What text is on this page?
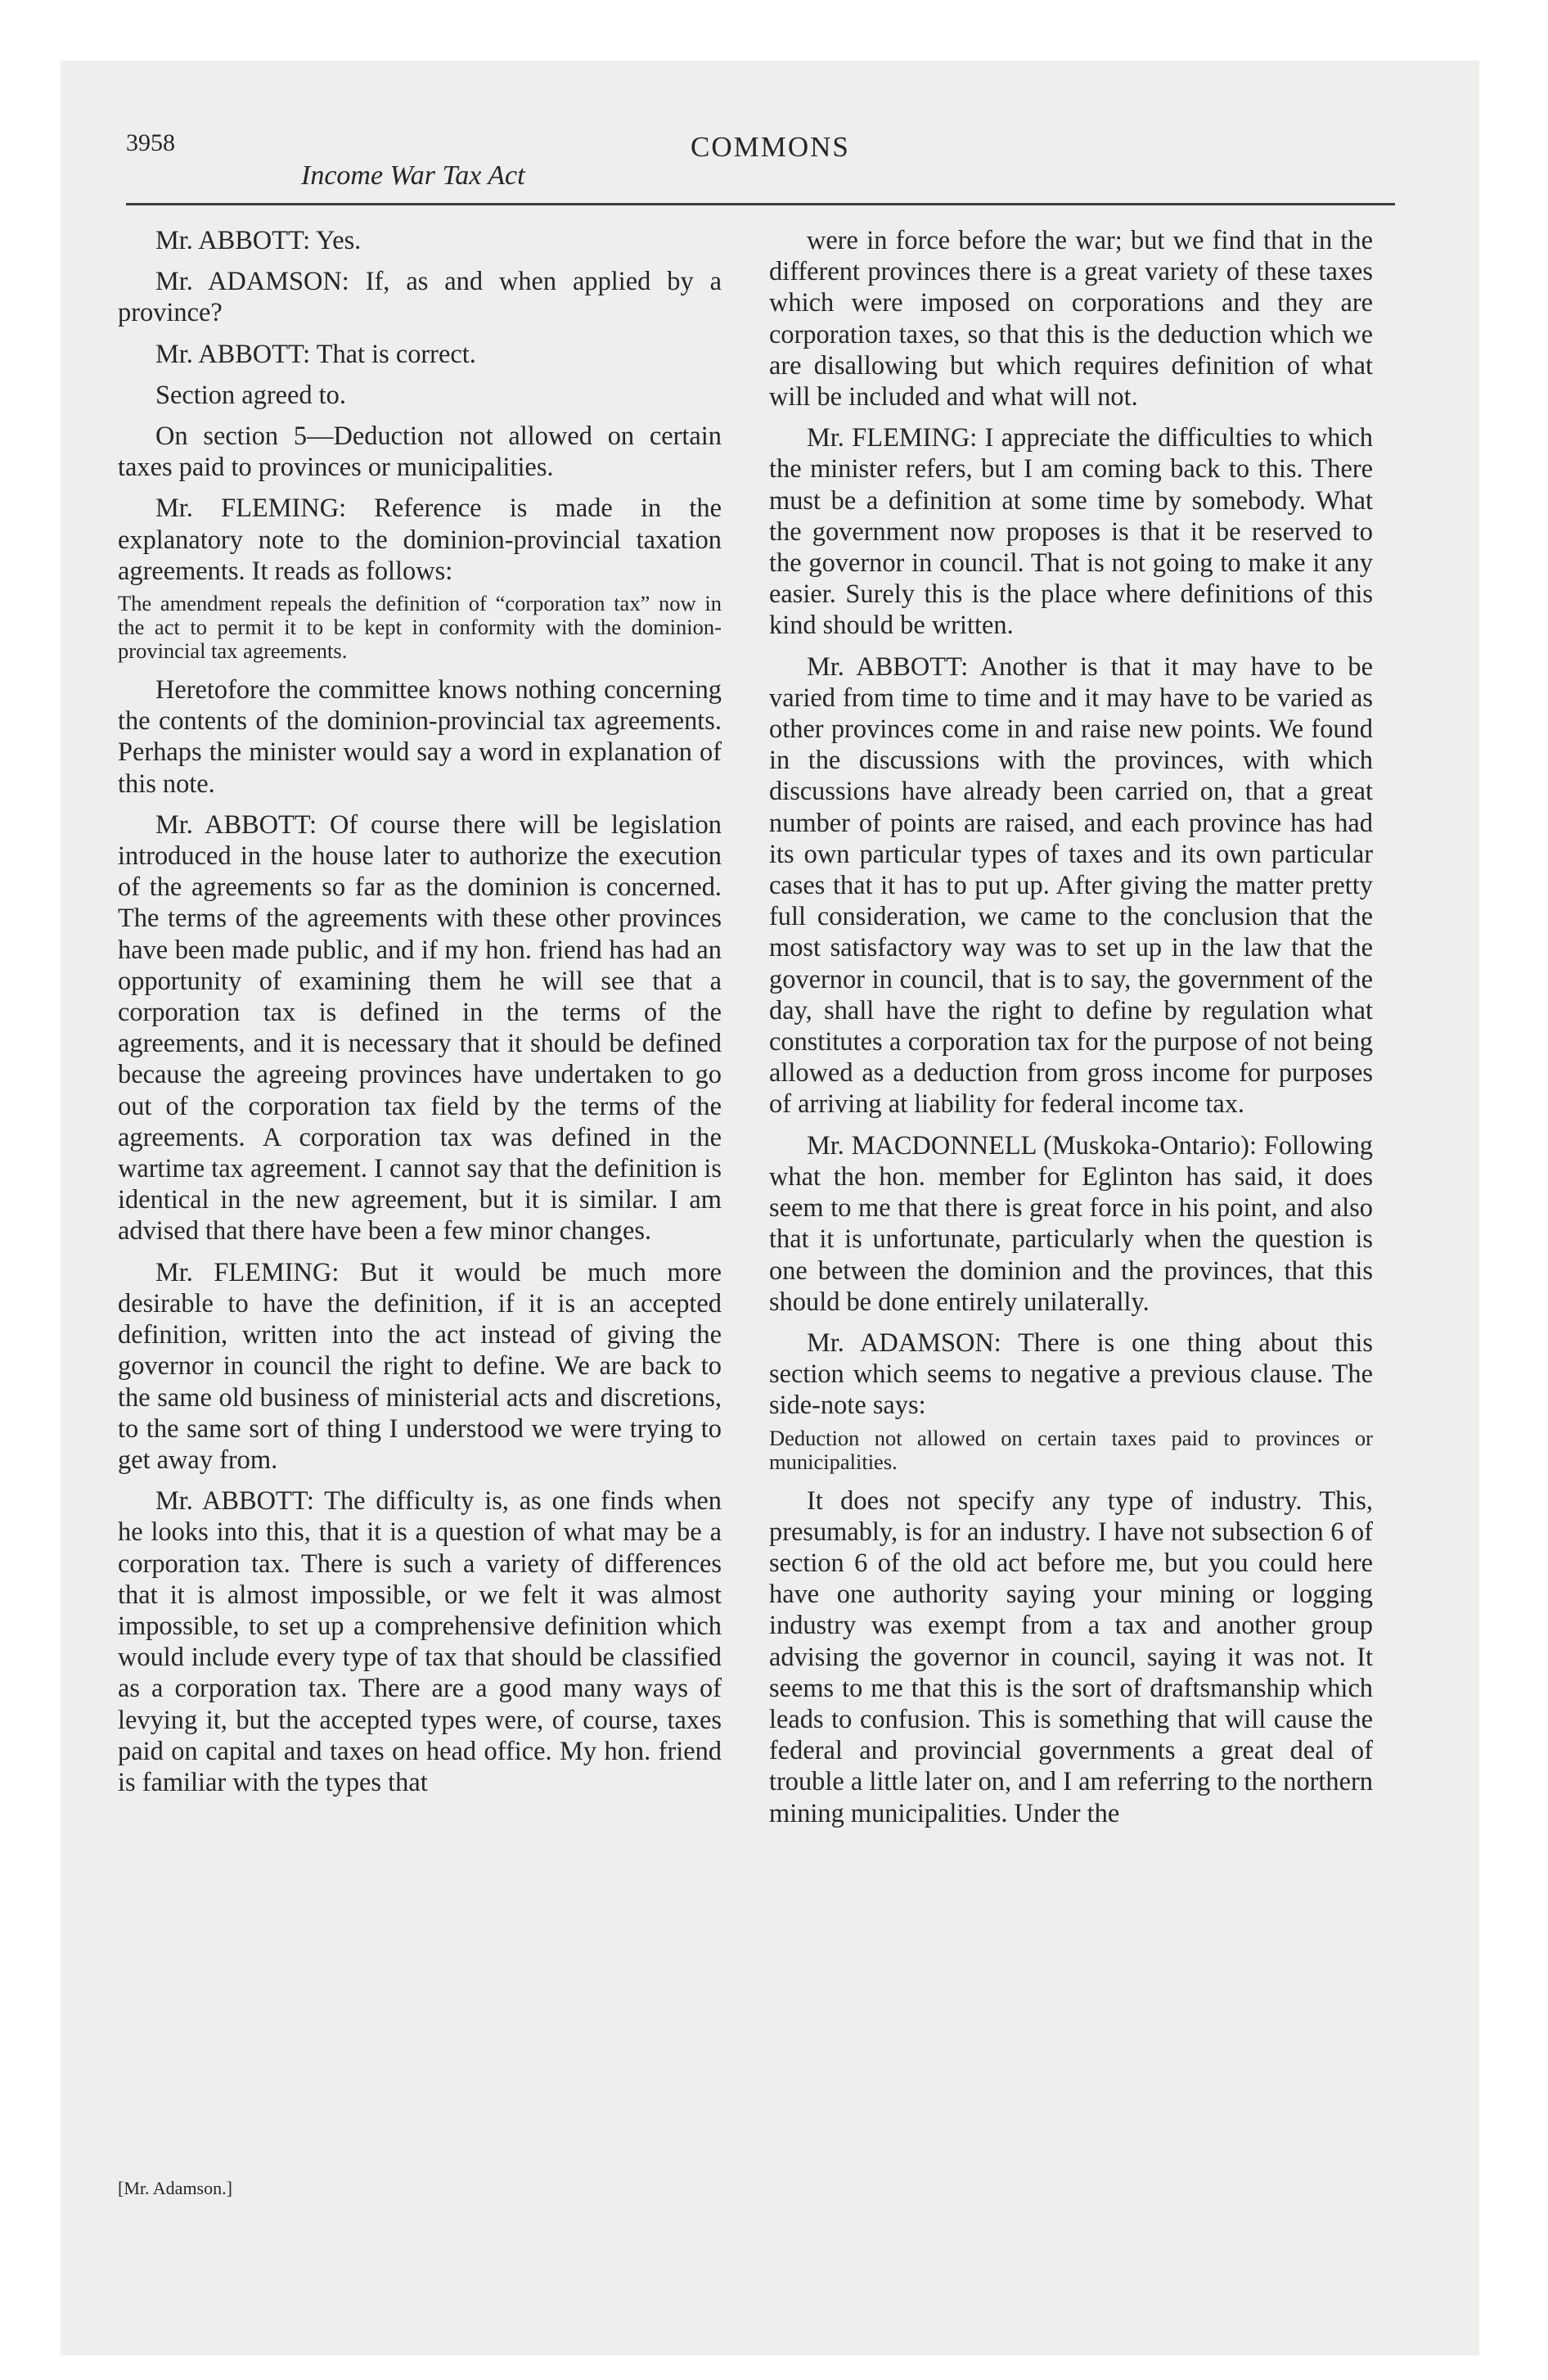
3958
Income War Tax Act
COMMONS

Mr. ABBOTT: Yes.

Mr. ADAMSON: If, as and when applied by a province?

Mr. ABBOTT: That is correct.

Section agreed to.

On section 5—Deduction not allowed on certain taxes paid to provinces or municipalities.

Mr. FLEMING: Reference is made in the explanatory note to the dominion-provincial taxation agreements. It reads as follows:

The amendment repeals the definition of “corporation tax” now in the act to permit it to be kept in conformity with the dominion-provincial tax agreements.

Heretofore the committee knows nothing concerning the contents of the dominion-provincial tax agreements. Perhaps the minister would say a word in explanation of this note.

Mr. ABBOTT: Of course there will be legislation introduced in the house later to authorize the execution of the agreements so far as the dominion is concerned. The terms of the agreements with these other provinces have been made public, and if my hon. friend has had an opportunity of examining them he will see that a corporation tax is defined in the terms of the agreements, and it is necessary that it should be defined because the agreeing provinces have undertaken to go out of the corporation tax field by the terms of the agreements. A corporation tax was defined in the wartime tax agreement. I cannot say that the definition is identical in the new agreement, but it is similar. I am advised that there have been a few minor changes.

Mr. FLEMING: But it would be much more desirable to have the definition, if it is an accepted definition, written into the act instead of giving the governor in council the right to define. We are back to the same old business of ministerial acts and discretions, to the same sort of thing I understood we were trying to get away from.

Mr. ABBOTT: The difficulty is, as one finds when he looks into this, that it is a question of what may be a corporation tax. There is such a variety of differences that it is almost impossible, or we felt it was almost impossible, to set up a comprehensive definition which would include every type of tax that should be classified as a corporation tax. There are a good many ways of levying it, but the accepted types were, of course, taxes paid on capital and taxes on head office. My hon. friend is familiar with the types that

were in force before the war; but we find that in the different provinces there is a great variety of these taxes which were imposed on corporations and they are corporation taxes, so that this is the deduction which we are disallowing but which requires definition of what will be included and what will not.

Mr. FLEMING: I appreciate the difficulties to which the minister refers, but I am coming back to this. There must be a definition at some time by somebody. What the government now proposes is that it be reserved to the governor in council. That is not going to make it any easier. Surely this is the place where definitions of this kind should be written.

Mr. ABBOTT: Another is that it may have to be varied from time to time and it may have to be varied as other provinces come in and raise new points. We found in the discussions with the provinces, with which discussions have already been carried on, that a great number of points are raised, and each province has had its own particular types of taxes and its own particular cases that it has to put up. After giving the matter pretty full consideration, we came to the conclusion that the most satisfactory way was to set up in the law that the governor in council, that is to say, the government of the day, shall have the right to define by regulation what constitutes a corporation tax for the purpose of not being allowed as a deduction from gross income for purposes of arriving at liability for federal income tax.

Mr. MACDONNELL (Muskoka-Ontario): Following what the hon. member for Eglinton has said, it does seem to me that there is great force in his point, and also that it is unfortunate, particularly when the question is one between the dominion and the provinces, that this should be done entirely unilaterally.

Mr. ADAMSON: There is one thing about this section which seems to negative a previous clause. The side-note says:

Deduction not allowed on certain taxes paid to provinces or municipalities.

It does not specify any type of industry. This, presumably, is for an industry. I have not subsection 6 of section 6 of the old act before me, but you could here have one authority saying your mining or logging industry was exempt from a tax and another group advising the governor in council, saying it was not. It seems to me that this is the sort of draftsmanship which leads to confusion. This is something that will cause the federal and provincial governments a great deal of trouble a little later on, and I am referring to the northern mining municipalities. Under the

[Mr. Adamson.]
